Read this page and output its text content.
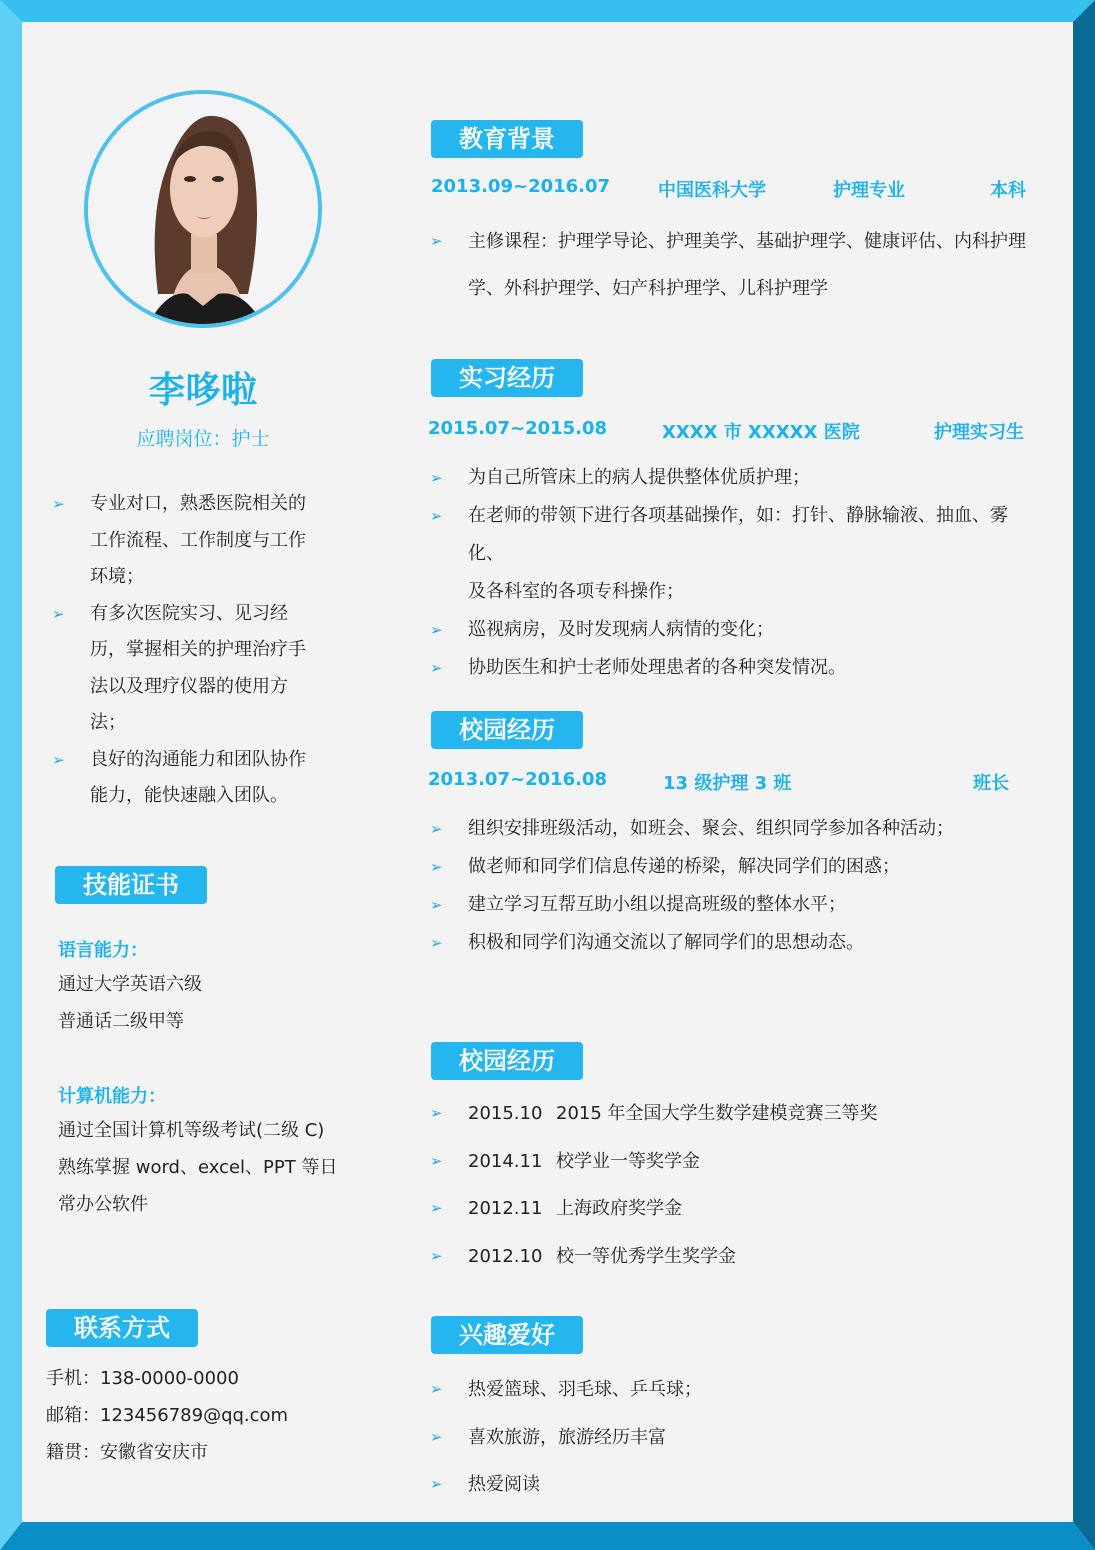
李哆啦
应聘岗位：护士
➢	专业对口，熟悉医院相关的工作流程、工作制度与工作环境；
➢	有多次医院实习、见习经历，掌握相关的护理治疗手法以及理疗仪器的使用方法；
➢	良好的沟通能力和团队协作能力，能快速融入团队。
技能证书
语言能力：
通过大学英语六级
普通话二级甲等
计算机能力：
通过全国计算机等级考试(二级 C)
熟练掌握 word、excel、PPT 等日
常办公软件
联系方式
手机：138-0000-0000
邮箱：123456789@qq.com
籍贯：安徽省安庆市
教育背景
2013.09~2016.07	中国医科大学	护理专业	本科
➢	主修课程：护理学导论、护理美学、基础护理学、健康评估、内科护理
学、外科护理学、妇产科护理学、儿科护理学
实习经历
2015.07~2015.08	XXXX 市 XXXXX 医院	护理实习生
➢	为自己所管床上的病人提供整体优质护理；
➢	在老师的带领下进行各项基础操作，如：打针、静脉输液、抽血、雾化、
及各科室的各项专科操作；
➢	巡视病房，及时发现病人病情的变化；
➢	协助医生和护士老师处理患者的各种突发情况。
校园经历
2013.07~2016.08	13 级护理 3 班	班长
➢	组织安排班级活动，如班会、聚会、组织同学参加各种活动；
➢	做老师和同学们信息传递的桥梁，解决同学们的困惑；
➢	建立学习互帮互助小组以提高班级的整体水平；
➢	积极和同学们沟通交流以了解同学们的思想动态。
校园经历
➢	2015.10 2015 年全国大学生数学建模竞赛三等奖
➢	2014.11 校学业一等奖学金
➢	2012.11 上海政府奖学金
➢	2012.10 校一等优秀学生奖学金
兴趣爱好
➢	热爱篮球、羽毛球、乒乓球；
➢	喜欢旅游，旅游经历丰富
➢	热爱阅读
